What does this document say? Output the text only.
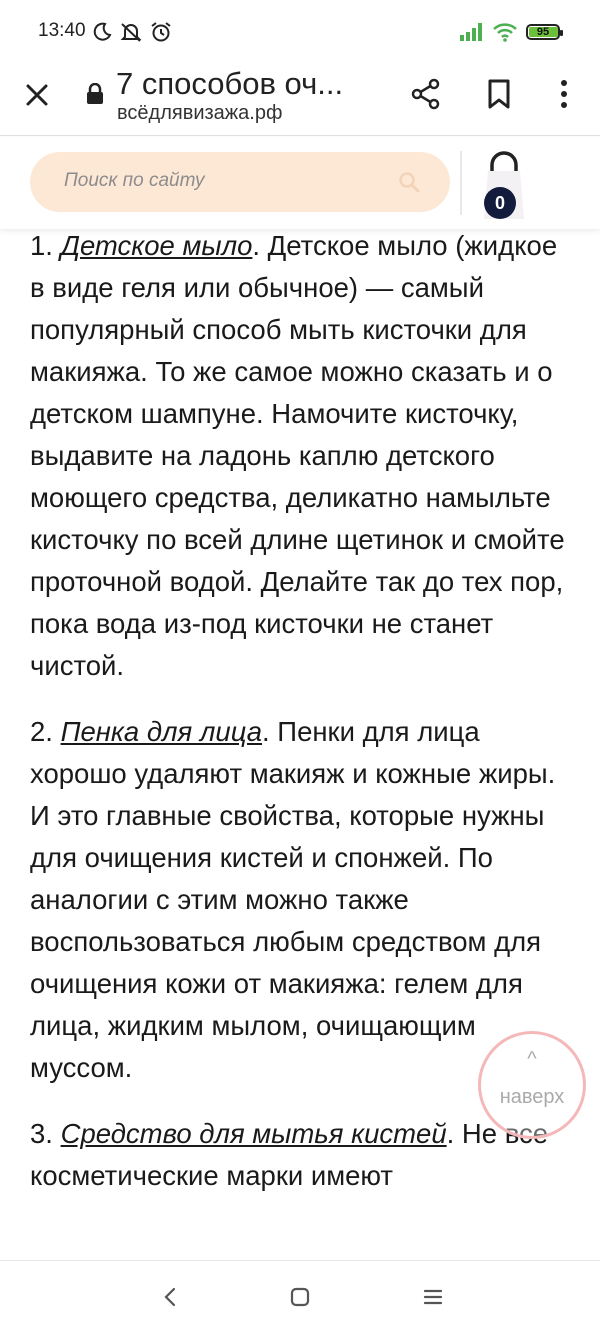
13:40	95
7 способов оч...
всёдлявизажа.рф
Поиск по сайту
0

1. Детское мыло. Детское мыло (жидкое в виде геля или обычное) — самый популярный способ мыть кисточки для макияжа. То же самое можно сказать и о детском шампуне. Намочите кисточку, выдавите на ладонь каплю детского моющего средства, деликатно намыльте кисточку по всей длине щетинок и смойте проточной водой. Делайте так до тех пор, пока вода из-под кисточки не станет чистой.

2. Пенка для лица. Пенки для лица хорошо удаляют макияж и кожные жиры. И это главные свойства, которые нужны для очищения кистей и спонжей. По аналогии с этим можно также воспользоваться любым средством для очищения кожи от макияжа: гелем для лица, жидким мылом, очищающим муссом.

3. Средство для мытья кистей. Не все косметические марки имеют

^
наверх
